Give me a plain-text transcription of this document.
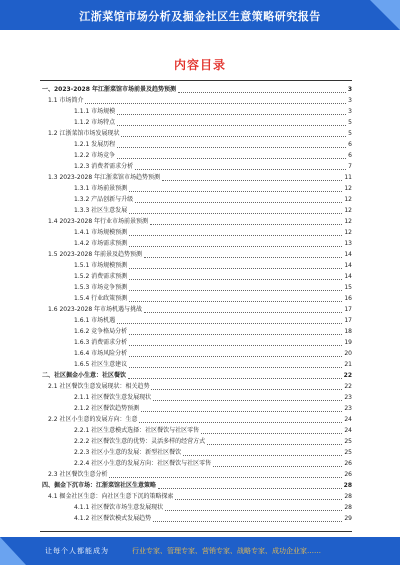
江浙菜馆市场分析及掘金社区生意策略研究报告
内容目录
一、2023-2028 年江浙菜馆市场前景及趋势预测	3
1.1 市场简介	3
1.1.1 市场规模	3
1.1.2 市场特点	5
1.2 江浙菜馆市场发展现状	5
1.2.1 发展历程	6
1.2.2 市场竞争	6
1.2.3 消费者需求分析	7
1.3 2023-2028 年江浙菜馆市场趋势预测	11
1.3.1 市场前景预测	12
1.3.2 产品创新与升级	12
1.3.3 社区生意发展	12
1.4 2023-2028 年行业市场前景预测	12
1.4.1 市场规模预测	12
1.4.2 市场需求预测	13
1.5 2023-2028 年前景及趋势预测	14
1.5.1 市场规模预测	14
1.5.2 消费需求预测	14
1.5.3 市场竞争预测	15
1.5.4 行业政策预测	16
1.6 2023-2028 年市场机遇与挑战	17
1.6.1 市场机遇	17
1.6.2 竞争格局分析	18
1.6.3 消费需求分析	19
1.6.4 市场风险分析	20
1.6.5 社区生意建议	21
二、社区掘金小生意：社区餐饮	22
2.1 社区餐饮生意发展现状：相关趋势	22
2.1.1 社区餐饮生意发展现状	23
2.1.2 社区餐饮趋势预测	23
2.2 社区小生意的发展方向：生意	24
2.2.1 社区生意模式选择：社区餐饮与社区零售	24
2.2.2 社区餐饮生意的优势：灵活多样的经营方式	25
2.2.3 社区小生意的发展：新型社区餐饮	25
2.2.4 社区小生意的发展方向：社区餐饮与社区零售	26
2.3 社区餐饮生意分析	26
四、掘金下沉市场：江浙菜馆社区生意策略	28
4.1 掘金社区生意：向社区生意下沉的策略探索	28
4.1.1 社区餐饮市场生意发展现状	28
4.1.2 社区餐饮模式发展趋势	29
让每个人都能成为	行业专家、管理专家、营销专家、战略专家、成功企业家……
